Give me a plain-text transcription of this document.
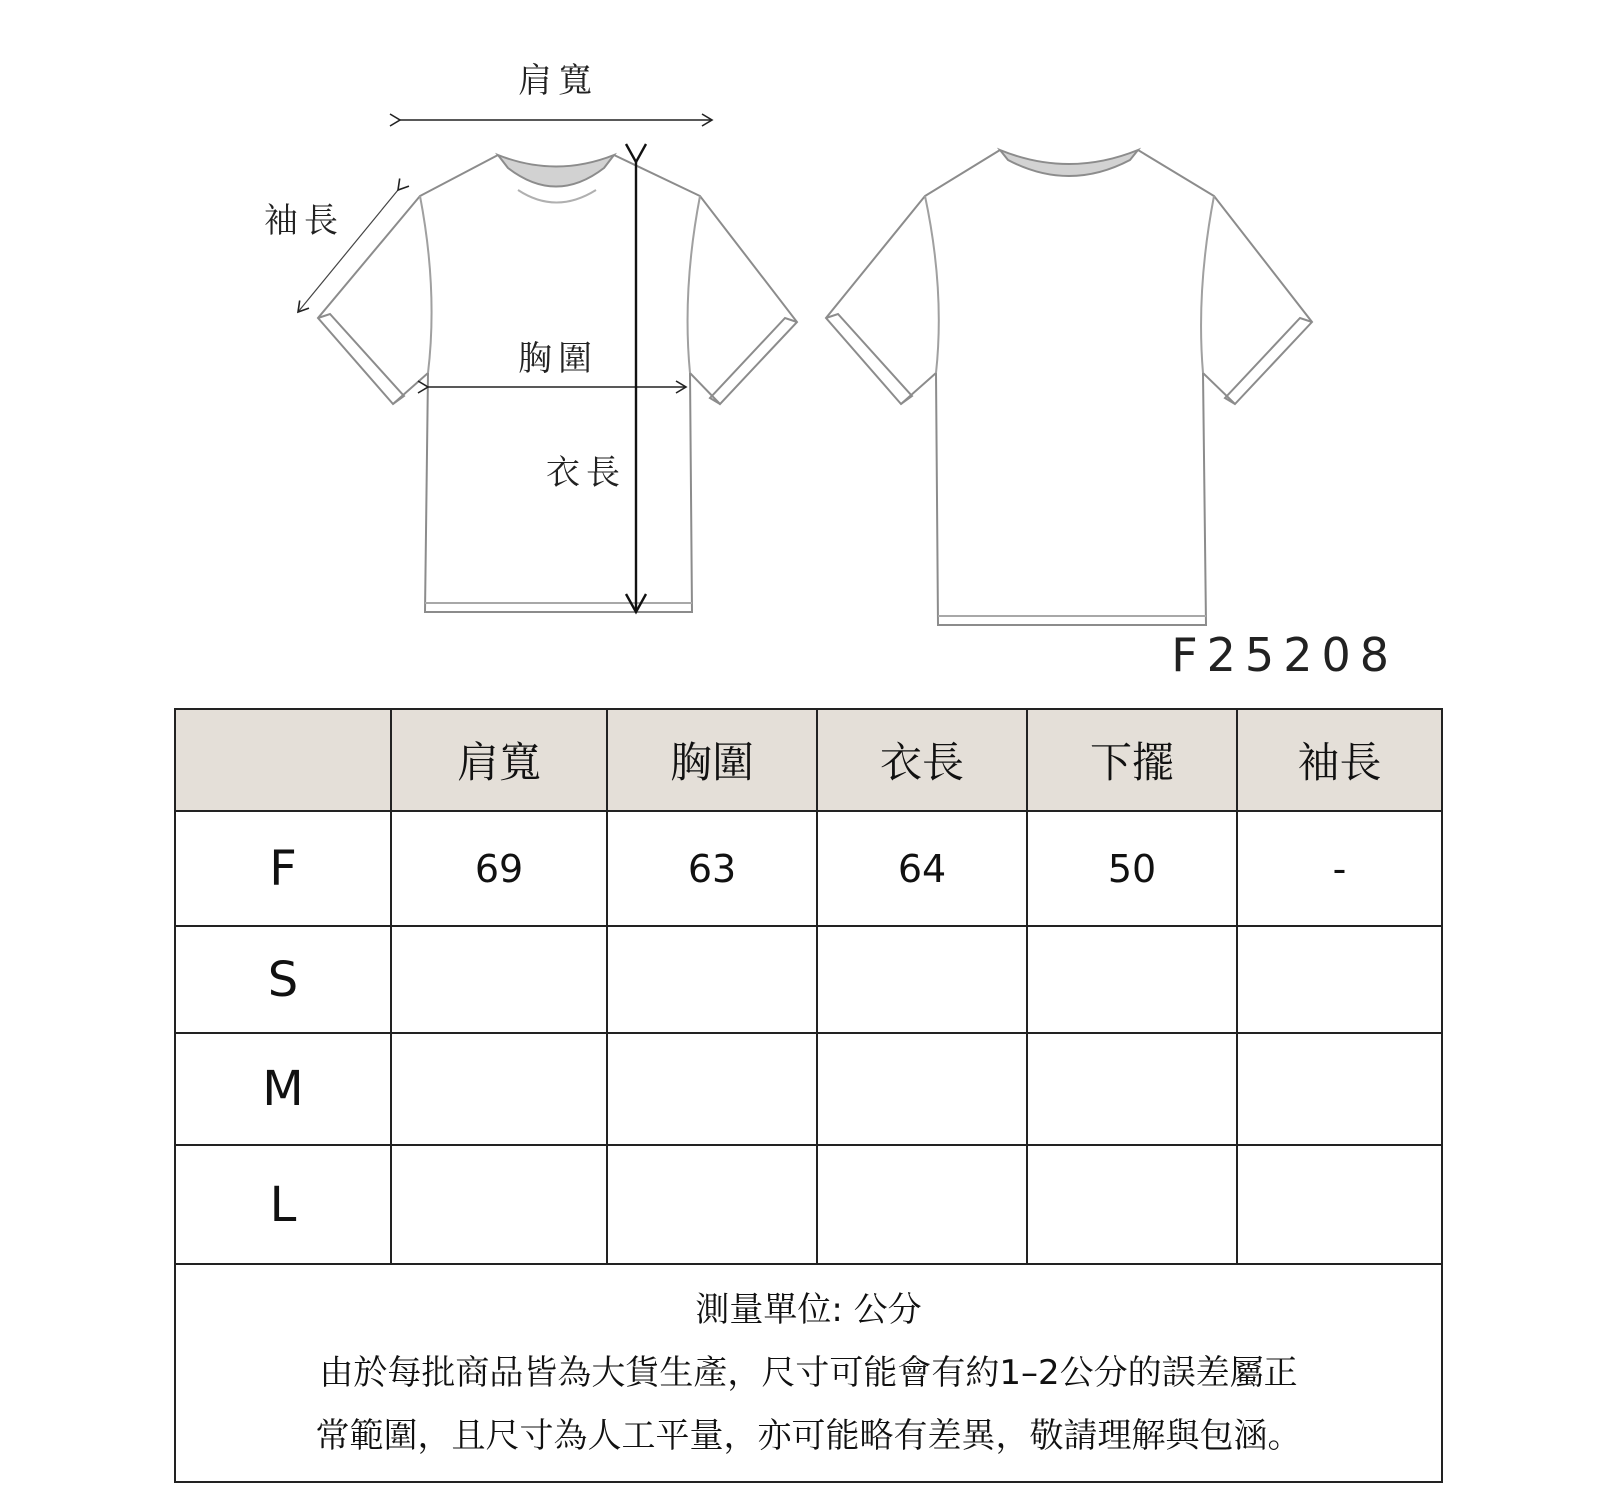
肩寬
袖長
胸圍
衣長
F25208
	肩寬	胸圍	衣長	下擺	袖長
F	69	63	64	50	-
S					
M					
L					

測量單位: 公分
由於每批商品皆為大貨生產，尺寸可能會有約1–2公分的誤差屬正
常範圍，且尺寸為人工平量，亦可能略有差異，敬請理解與包涵。					
